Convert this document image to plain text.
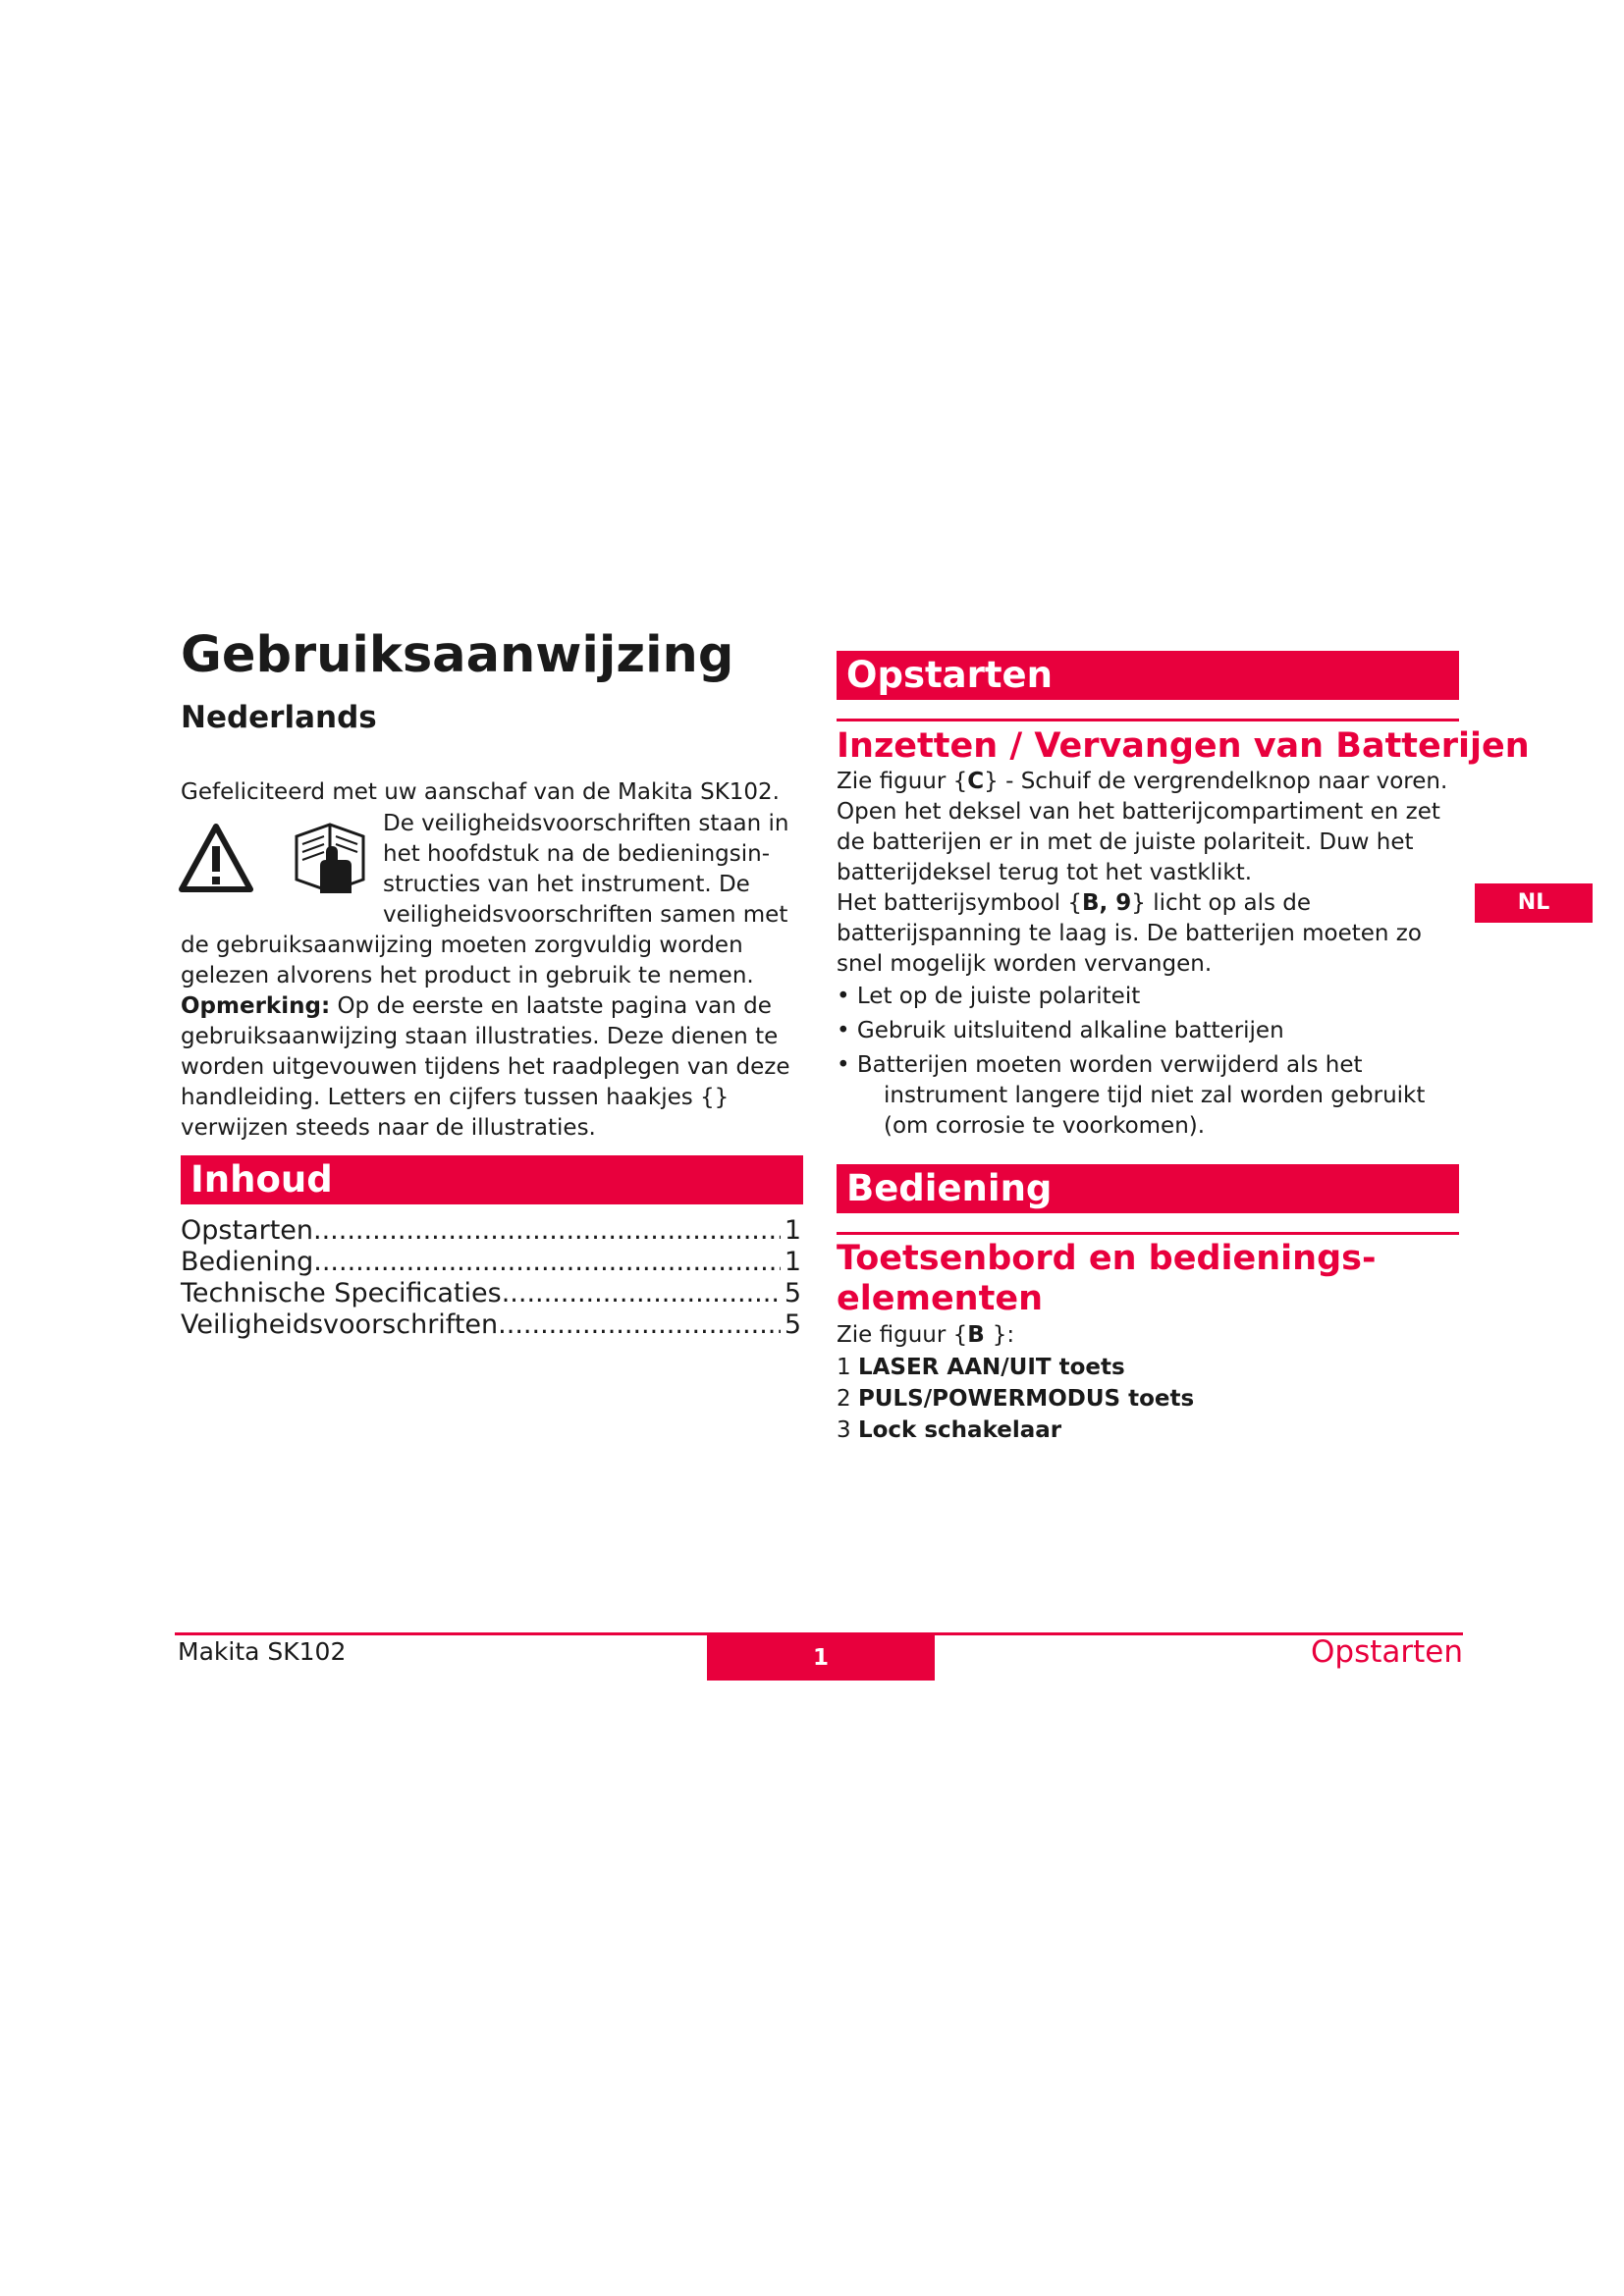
Gebruiksaanwijzing
Nederlands
Gefeliciteerd met uw aanschaf van de Makita SK102.
De veiligheidsvoorschriften staan in
het hoofdstuk na de bedieningsin-
structies van het instrument. De
veiligheidsvoorschriften samen met
de gebruiksaanwijzing moeten zorgvuldig worden gelezen alvorens het product in gebruik te nemen. Opmerking: Op de eerste en laatste pagina van de gebruiksaanwijzing staan illustraties. Deze dienen te worden uitgevouwen tijdens het raadplegen van deze handleiding. Letters en cijfers tussen haakjes {} verwijzen steeds naar de illustraties.
Inhoud
Opstarten .....	1
Bediening .....	1
Technische Specificaties .....	5
Veiligheidsvoorschriften .....	5
Opstarten
Inzetten / Vervangen van Batterijen
Zie figuur {C} - Schuif de vergrendelknop naar voren. Open het deksel van het batterijcompartiment en zet de batterijen er in met de juiste polariteit. Duw het batterijdeksel terug tot het vastklikt.
Het batterijsymbool {B, 9} licht op als de batterijspanning te laag is. De batterijen moeten zo snel mogelijk worden vervangen.
• Let op de juiste polariteit
• Gebruik uitsluitend alkaline batterijen
• Batterijen moeten worden verwijderd als het
instrument langere tijd niet zal worden gebruikt (om corrosie te voorkomen).
Bediening
Toetsenbord en bedienings-
elementen
Zie figuur {B }:
1 LASER AAN/UIT toets
2 PULS/POWERMODUS toets
3 Lock schakelaar
NL
Makita SK102	1	Opstarten
